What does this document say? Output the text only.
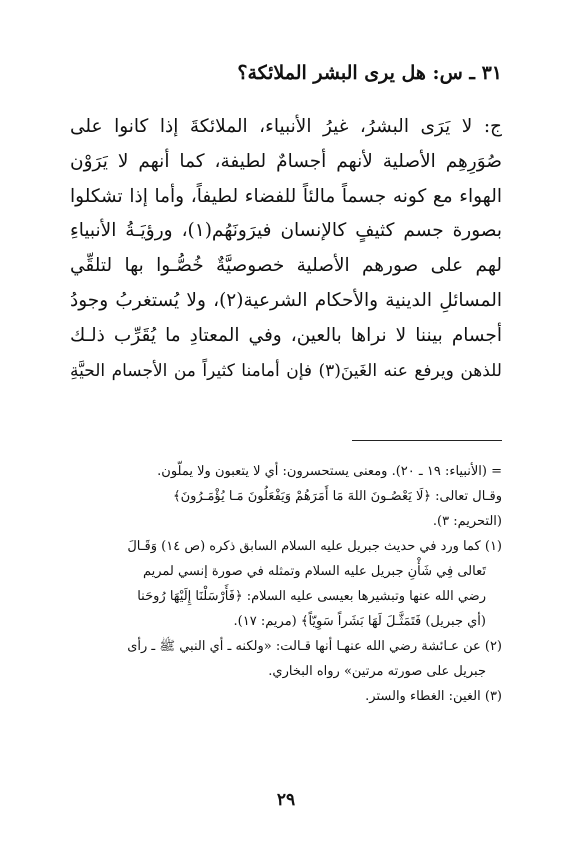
٣١ ـ س: هل يرى البشر الملائكة؟
ج: لا يَرَى البشرُ، غيرُ الأنبياء، الملائكةَ إذا كانوا على
صُوَرِهِم الأصلية لأنهم أجسامٌ لطيفة، كما أنهم لا يَرَوْن
الهواء مع كونه جسماً مالئاً للفضاء لطيفاً، وأما إذا تشكلوا
بصورة جسم كثيفٍ كالإنسان فيرَونَهُم(١)، ورؤيَـةُ الأنبياءِ
لهم على صورهم الأصلية خصوصيَّةٌ خُصُّـوا بها لتلقِّي
المسائلِ الدينية والأحكام الشرعية(٢)، ولا يُستغربُ وجودُ
أجسام بيننا لا نراها بالعين، وفي المعتادِ ما يُقَرِّب ذلـك
للذهن ويرفع عنه الغَينَ(٣) فإن أمامنا كثيراً من الأجسام الحيَّةِ
= (الأنبياء: ١٩ ـ ٢٠). ومعنى يستحسرون: أي لا يتعبون ولا يملّون.
وقـال تعالى: ﴿لَا يَعْصُـونَ اللهَ مَا أَمَرَهُمْ وَيَفْعَلُونَ مَـا يُؤْمَـرُونَ﴾
(التحريم: ٣).
(١) كما ورد في حديث جبريل عليه السلام السابق ذكره (ص ١٤) وَقَـالَ
تَعالى فِي شَأْنِ جبريل عليه السلام وتمثله في صورة إنسي لمريم
رضي الله عنها وتبشيرها بعيسى عليه السلام: ﴿فَأَرْسَلْنَا إِلَيْهَا رُوحَنا
(أي جبريل) فَتَمَثَّـلَ لَهَا بَشَراً سَوِيّاً﴾ (مريم: ١٧).
(٢) عن عـائشة رضي الله عنهـا أنها قـالت: «ولكنه ـ أي النبي ﷺ ـ رأى
جبريل على صورته مرتين» رواه البخاري.
(٣) الغين: الغطاء والستر.
٢٩
